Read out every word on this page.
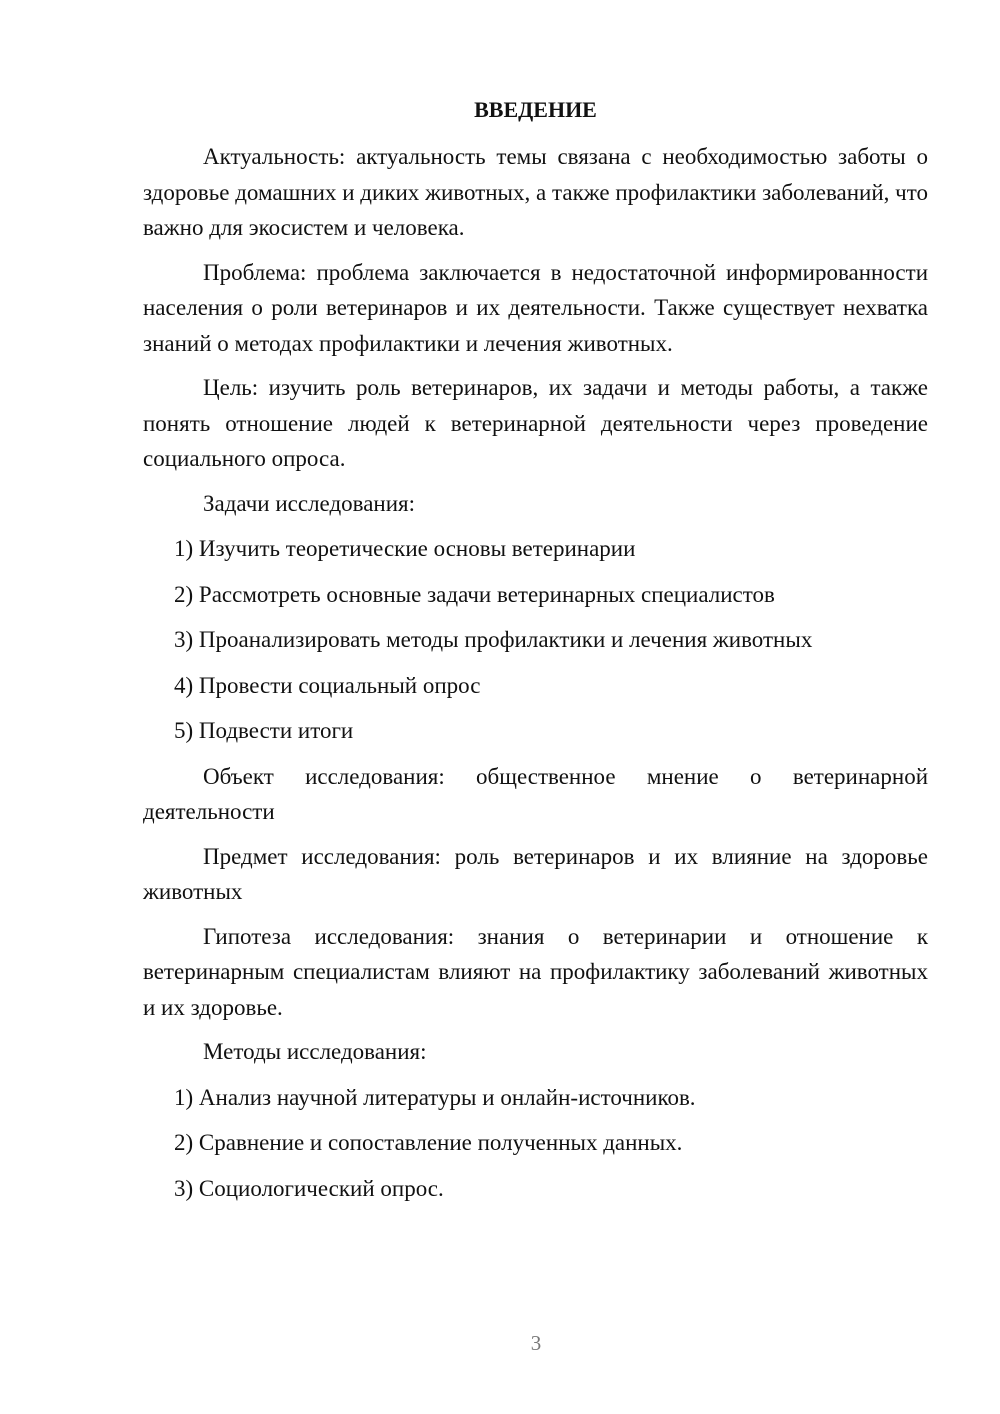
ВВЕДЕНИЕ

Актуальность: актуальность темы связана с необходимостью заботы о здоровье домашних и диких животных, а также профилактики заболеваний, что важно для экосистем и человека.

Проблема: проблема заключается в недостаточной информированности населения о роли ветеринаров и их деятельности. Также существует нехватка знаний о методах профилактики и лечения животных.

Цель: изучить роль ветеринаров, их задачи и методы работы, а также понять отношение людей к ветеринарной деятельности через проведение социального опроса.

Задачи исследования:

1) Изучить теоретические основы ветеринарии
2) Рассмотреть основные задачи ветеринарных специалистов
3) Проанализировать методы профилактики и лечения животных
4) Провести социальный опрос
5) Подвести итоги

Объект исследования: общественное мнение о ветеринарной деятельности

Предмет исследования: роль ветеринаров и их влияние на здоровье животных

Гипотеза исследования: знания о ветеринарии и отношение к ветеринарным специалистам влияют на профилактику заболеваний животных и их здоровье.

Методы исследования:

1) Анализ научной литературы и онлайн-источников.
2) Сравнение и сопоставление полученных данных.
3) Социологический опрос.
3
